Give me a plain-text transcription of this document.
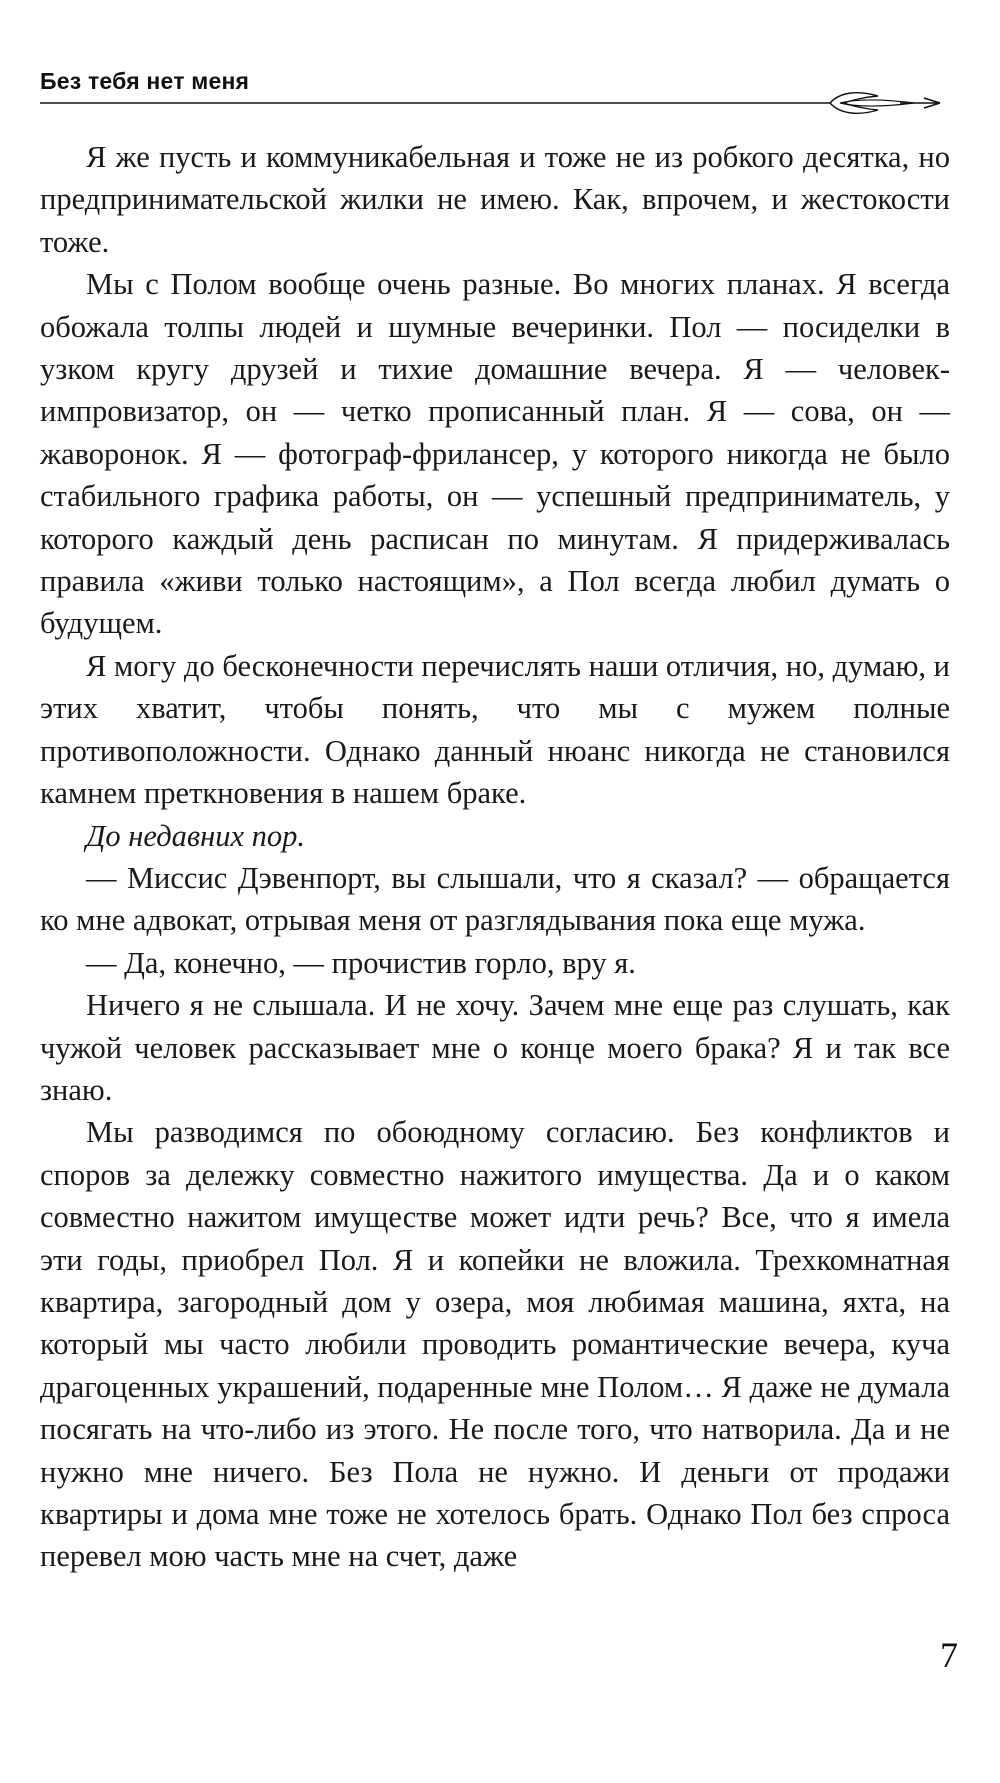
Без тебя нет меня

Я же пусть и коммуникабельная и тоже не из робкого десятка, но предпринимательской жилки не имею. Как, впрочем, и жестокости тоже.

Мы с Полом вообще очень разные. Во многих планах. Я всегда обожала толпы людей и шумные вечеринки. Пол — посиделки в узком кругу друзей и тихие домашние вечера. Я — человек-импровизатор, он — четко прописанный план. Я — сова, он — жаворонок. Я — фотограф-фрилансер, у которого никогда не было стабильного графика работы, он — успешный предприниматель, у которого каждый день расписан по минутам. Я придерживалась правила «живи только настоящим», а Пол всегда любил думать о будущем.

Я могу до бесконечности перечислять наши отличия, но, думаю, и этих хватит, чтобы понять, что мы с мужем полные противоположности. Однако данный нюанс никогда не становился камнем преткновения в нашем браке.

До недавних пор.

— Миссис Дэвенпорт, вы слышали, что я сказал? — обращается ко мне адвокат, отрывая меня от разглядывания пока еще мужа.

— Да, конечно, — прочистив горло, вру я.

Ничего я не слышала. И не хочу. Зачем мне еще раз слушать, как чужой человек рассказывает мне о конце моего брака? Я и так все знаю.

Мы разводимся по обоюдному согласию. Без конфликтов и споров за дележку совместно нажитого имущества. Да и о каком совместно нажитом имуществе может идти речь? Все, что я имела эти годы, приобрел Пол. Я и копейки не вложила. Трехкомнатная квартира, загородный дом у озера, моя любимая машина, яхта, на который мы часто любили проводить романтические вечера, куча драгоценных украшений, подаренные мне Полом… Я даже не думала посягать на что-либо из этого. Не после того, что натворила. Да и не нужно мне ничего. Без Пола не нужно. И деньги от продажи квартиры и дома мне тоже не хотелось брать. Однако Пол без спроса перевел мою часть мне на счет, даже

7
